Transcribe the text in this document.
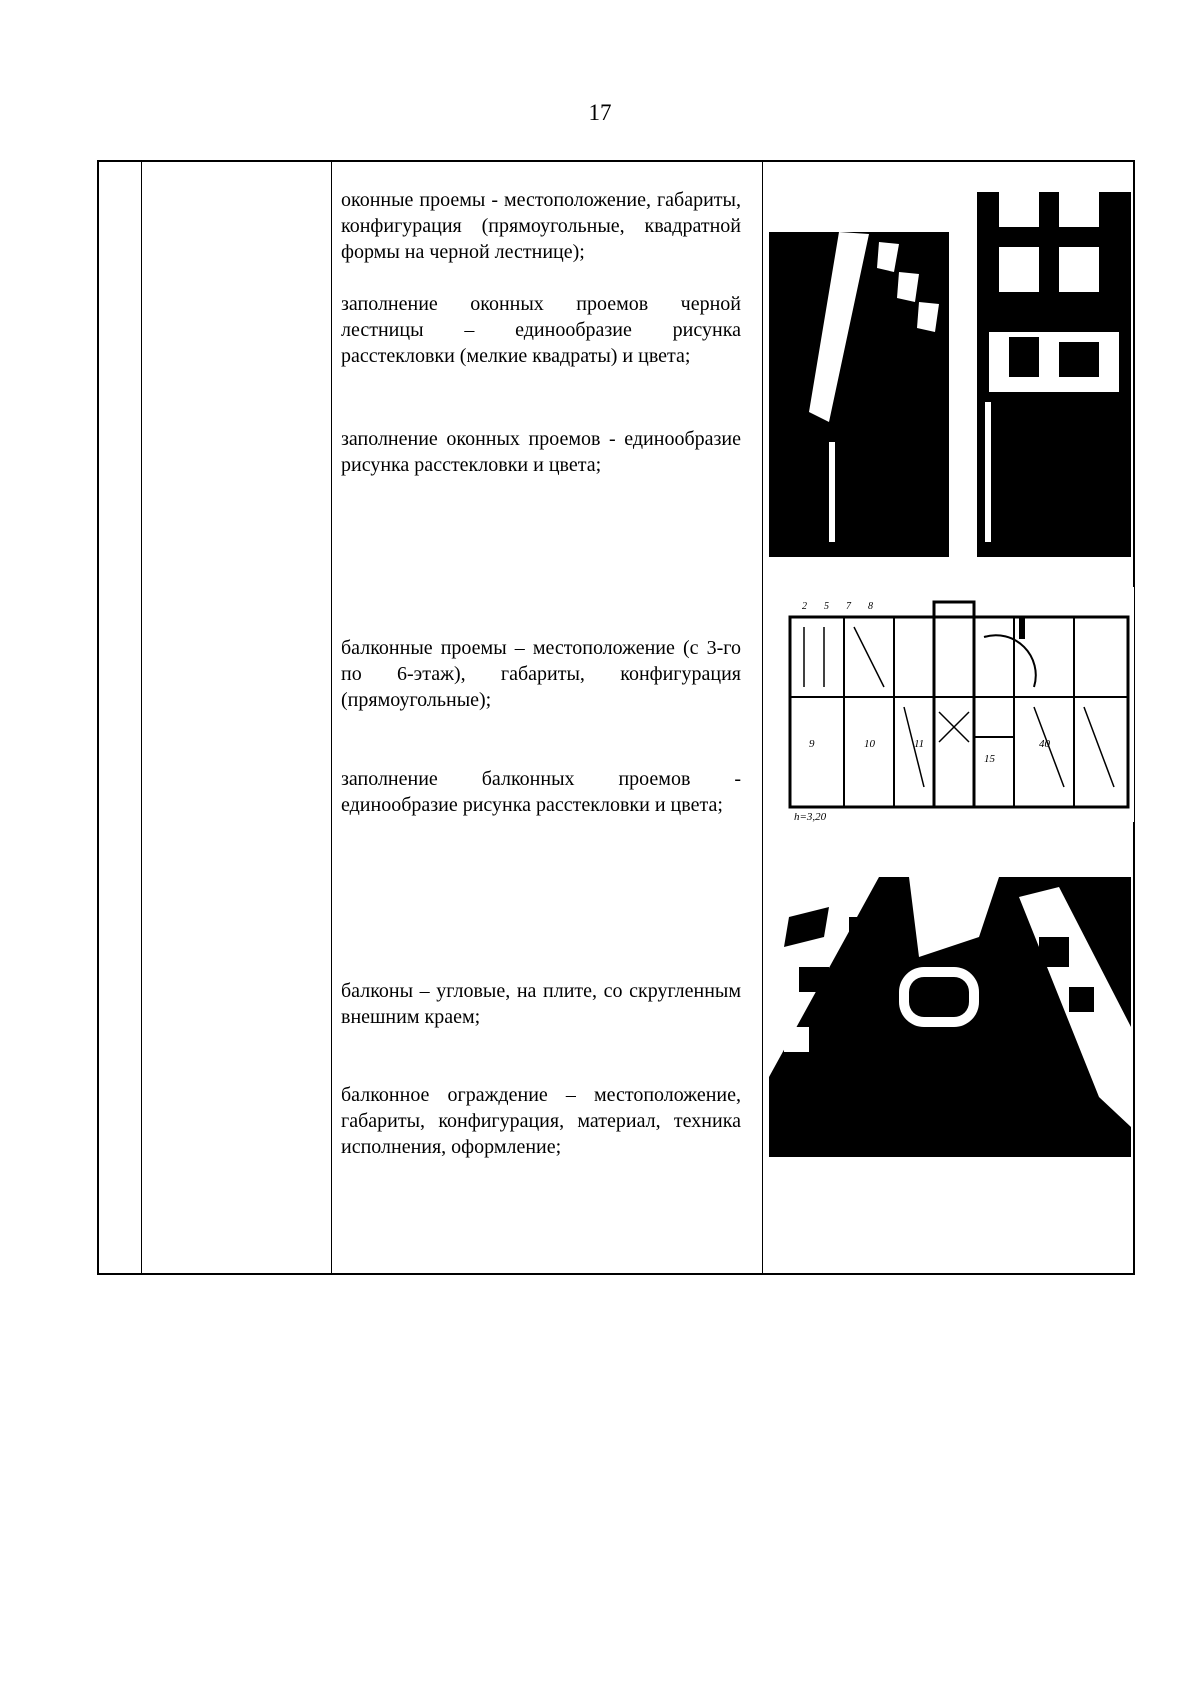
17
оконные проемы - местоположение, габариты, конфигурация (прямоугольные, квадратной формы на черной лестнице);
заполнение оконных проемов черной лестницы – единообразие рисунка расстекловки (мелкие квадраты) и цвета;
заполнение оконных проемов - единообразие рисунка расстекловки и цвета;
балконные проемы – местоположение (с 3-го по 6-этаж), габариты, конфигурация (прямоугольные);
заполнение балконных проемов - единообразие рисунка расстекловки и цвета;
балконы – угловые, на плите, со скругленным внешним краем;
балконное ограждение – местоположение, габариты, конфигурация, материал, техника исполнения, оформление;
2 5 7 8
9	10	11
15
40
h=3,20
